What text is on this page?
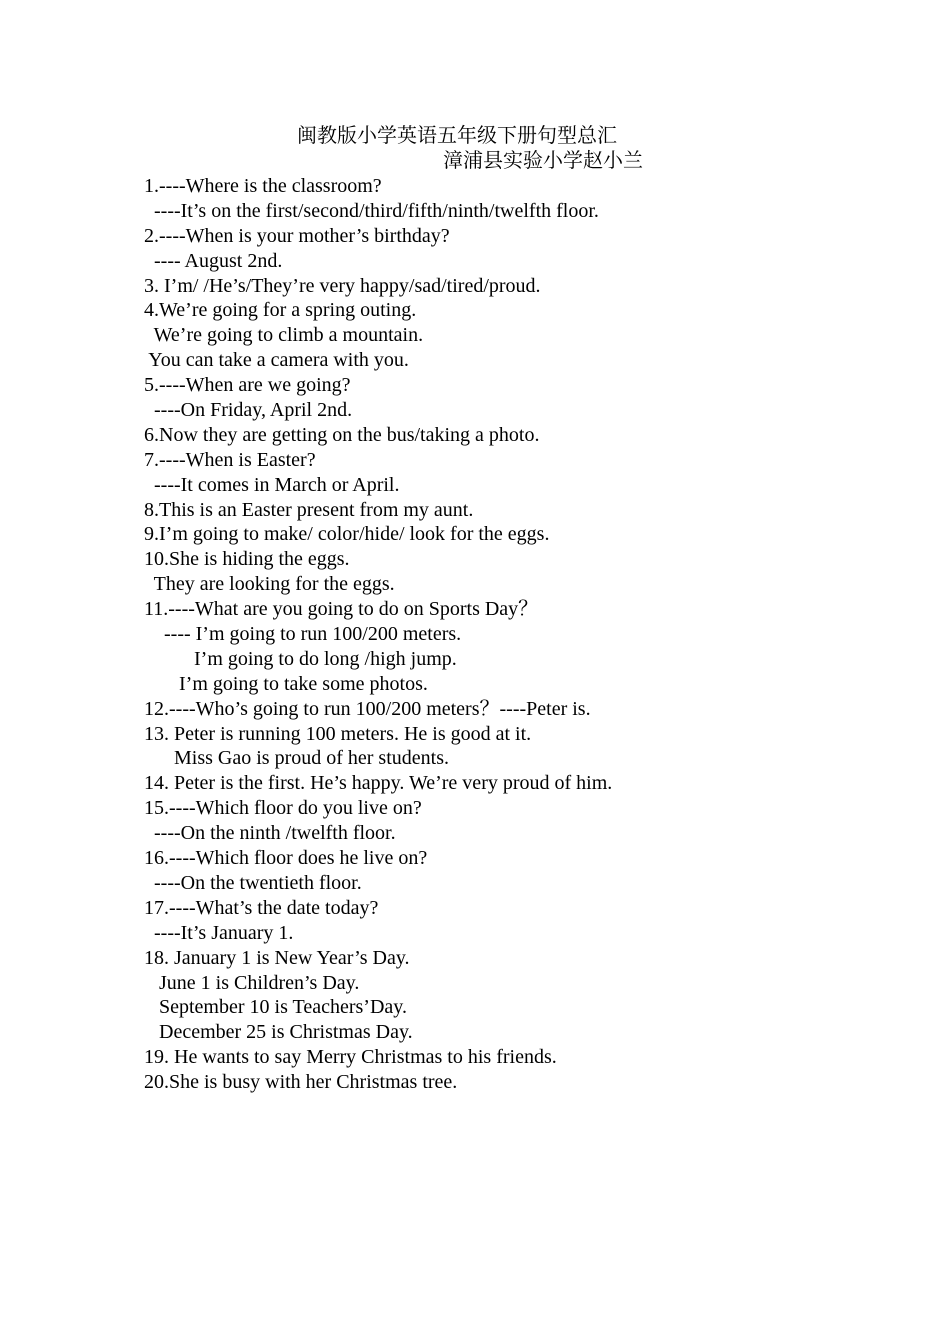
闽教版小学英语五年级下册句型总汇
漳浦县实验小学赵小兰
1.----Where is the classroom?
----It’s on the first/second/third/fifth/ninth/twelfth floor.
2.----When is your mother’s birthday?
---- August 2nd.
3. I’m/ /He’s/They’re very happy/sad/tired/proud.
4.We’re going for a spring outing.
We’re going to climb a mountain.
You can take a camera with you.
5.----When are we going?
----On Friday, April 2nd.
6.Now they are getting on the bus/taking a photo.
7.----When is Easter?
----It comes in March or April.
8.This is an Easter present from my aunt.
9.I’m going to make/ color/hide/ look for the eggs.
10.She is hiding the eggs.
They are looking for the eggs.
11.----What are you going to do on Sports Day？
---- I’m going to run 100/200 meters.
I’m going to do long /high jump.
I’m going to take some photos.
12.----Who’s going to run 100/200 meters？----Peter is.
13. Peter is running 100 meters. He is good at it.
Miss Gao is proud of her students.
14. Peter is the first. He’s happy. We’re very proud of him.
15.----Which floor do you live on?
----On the ninth /twelfth floor.
16.----Which floor does he live on?
----On the twentieth floor.
17.----What’s the date today?
----It’s January 1.
18. January 1 is New Year’s Day.
June 1 is Children’s Day.
September 10 is Teachers’Day.
December 25 is Christmas Day.
19. He wants to say Merry Christmas to his friends.
20.She is busy with her Christmas tree.
